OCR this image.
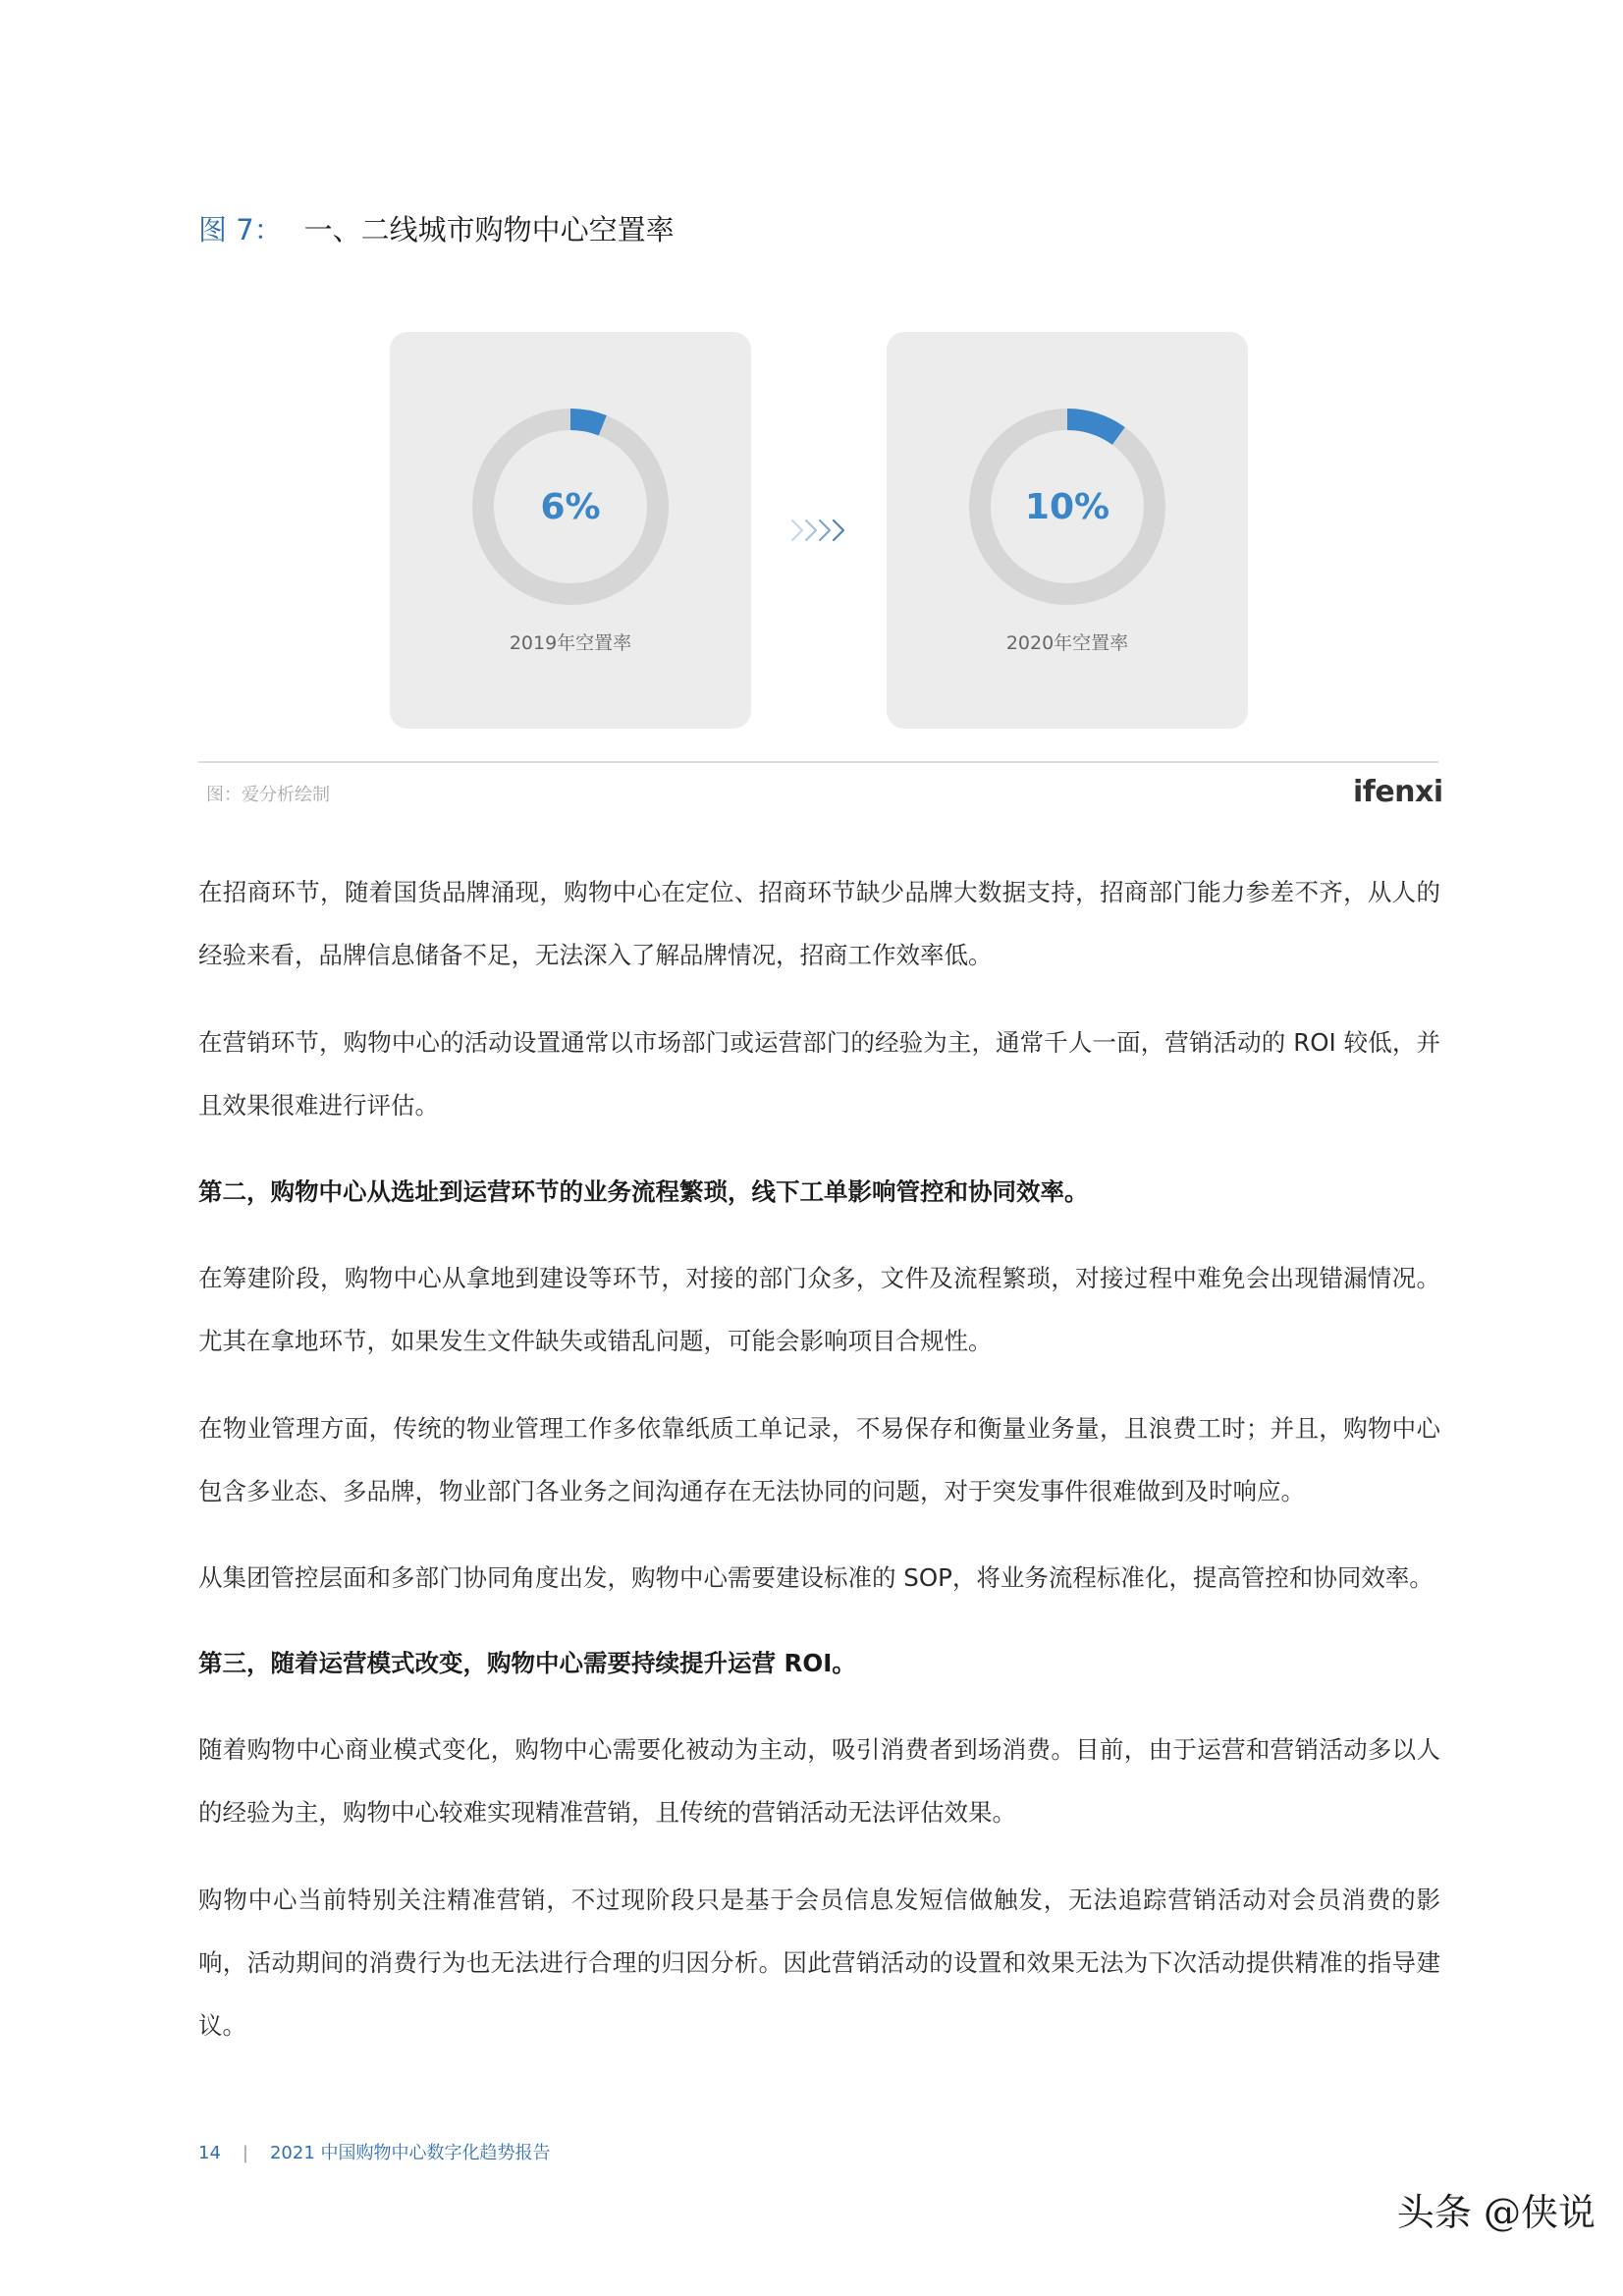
图 7： 一、二线城市购物中心空置率
6%
2019年空置率
10%
2020年空置率
图：爱分析绘制	ifenxi

在招商环节，随着国货品牌涌现，购物中心在定位、招商环节缺少品牌大数据支持，招商部门能力参差不齐，从人的经验来看，品牌信息储备不足，无法深入了解品牌情况，招商工作效率低。

在营销环节，购物中心的活动设置通常以市场部门或运营部门的经验为主，通常千人一面，营销活动的 ROI 较低，并且效果很难进行评估。

第二，购物中心从选址到运营环节的业务流程繁琐，线下工单影响管控和协同效率。

在筹建阶段，购物中心从拿地到建设等环节，对接的部门众多，文件及流程繁琐，对接过程中难免会出现错漏情况。尤其在拿地环节，如果发生文件缺失或错乱问题，可能会影响项目合规性。

在物业管理方面，传统的物业管理工作多依靠纸质工单记录，不易保存和衡量业务量，且浪费工时；并且，购物中心包含多业态、多品牌，物业部门各业务之间沟通存在无法协同的问题，对于突发事件很难做到及时响应。

从集团管控层面和多部门协同角度出发，购物中心需要建设标准的 SOP，将业务流程标准化，提高管控和协同效率。

第三，随着运营模式改变，购物中心需要持续提升运营 ROI。

随着购物中心商业模式变化，购物中心需要化被动为主动，吸引消费者到场消费。目前，由于运营和营销活动多以人的经验为主，购物中心较难实现精准营销，且传统的营销活动无法评估效果。

购物中心当前特别关注精准营销，不过现阶段只是基于会员信息发短信做触发，无法追踪营销活动对会员消费的影响，活动期间的消费行为也无法进行合理的归因分析。因此营销活动的设置和效果无法为下次活动提供精准的指导建议。

14 | 2021 中国购物中心数字化趋势报告
头条 @侠说
